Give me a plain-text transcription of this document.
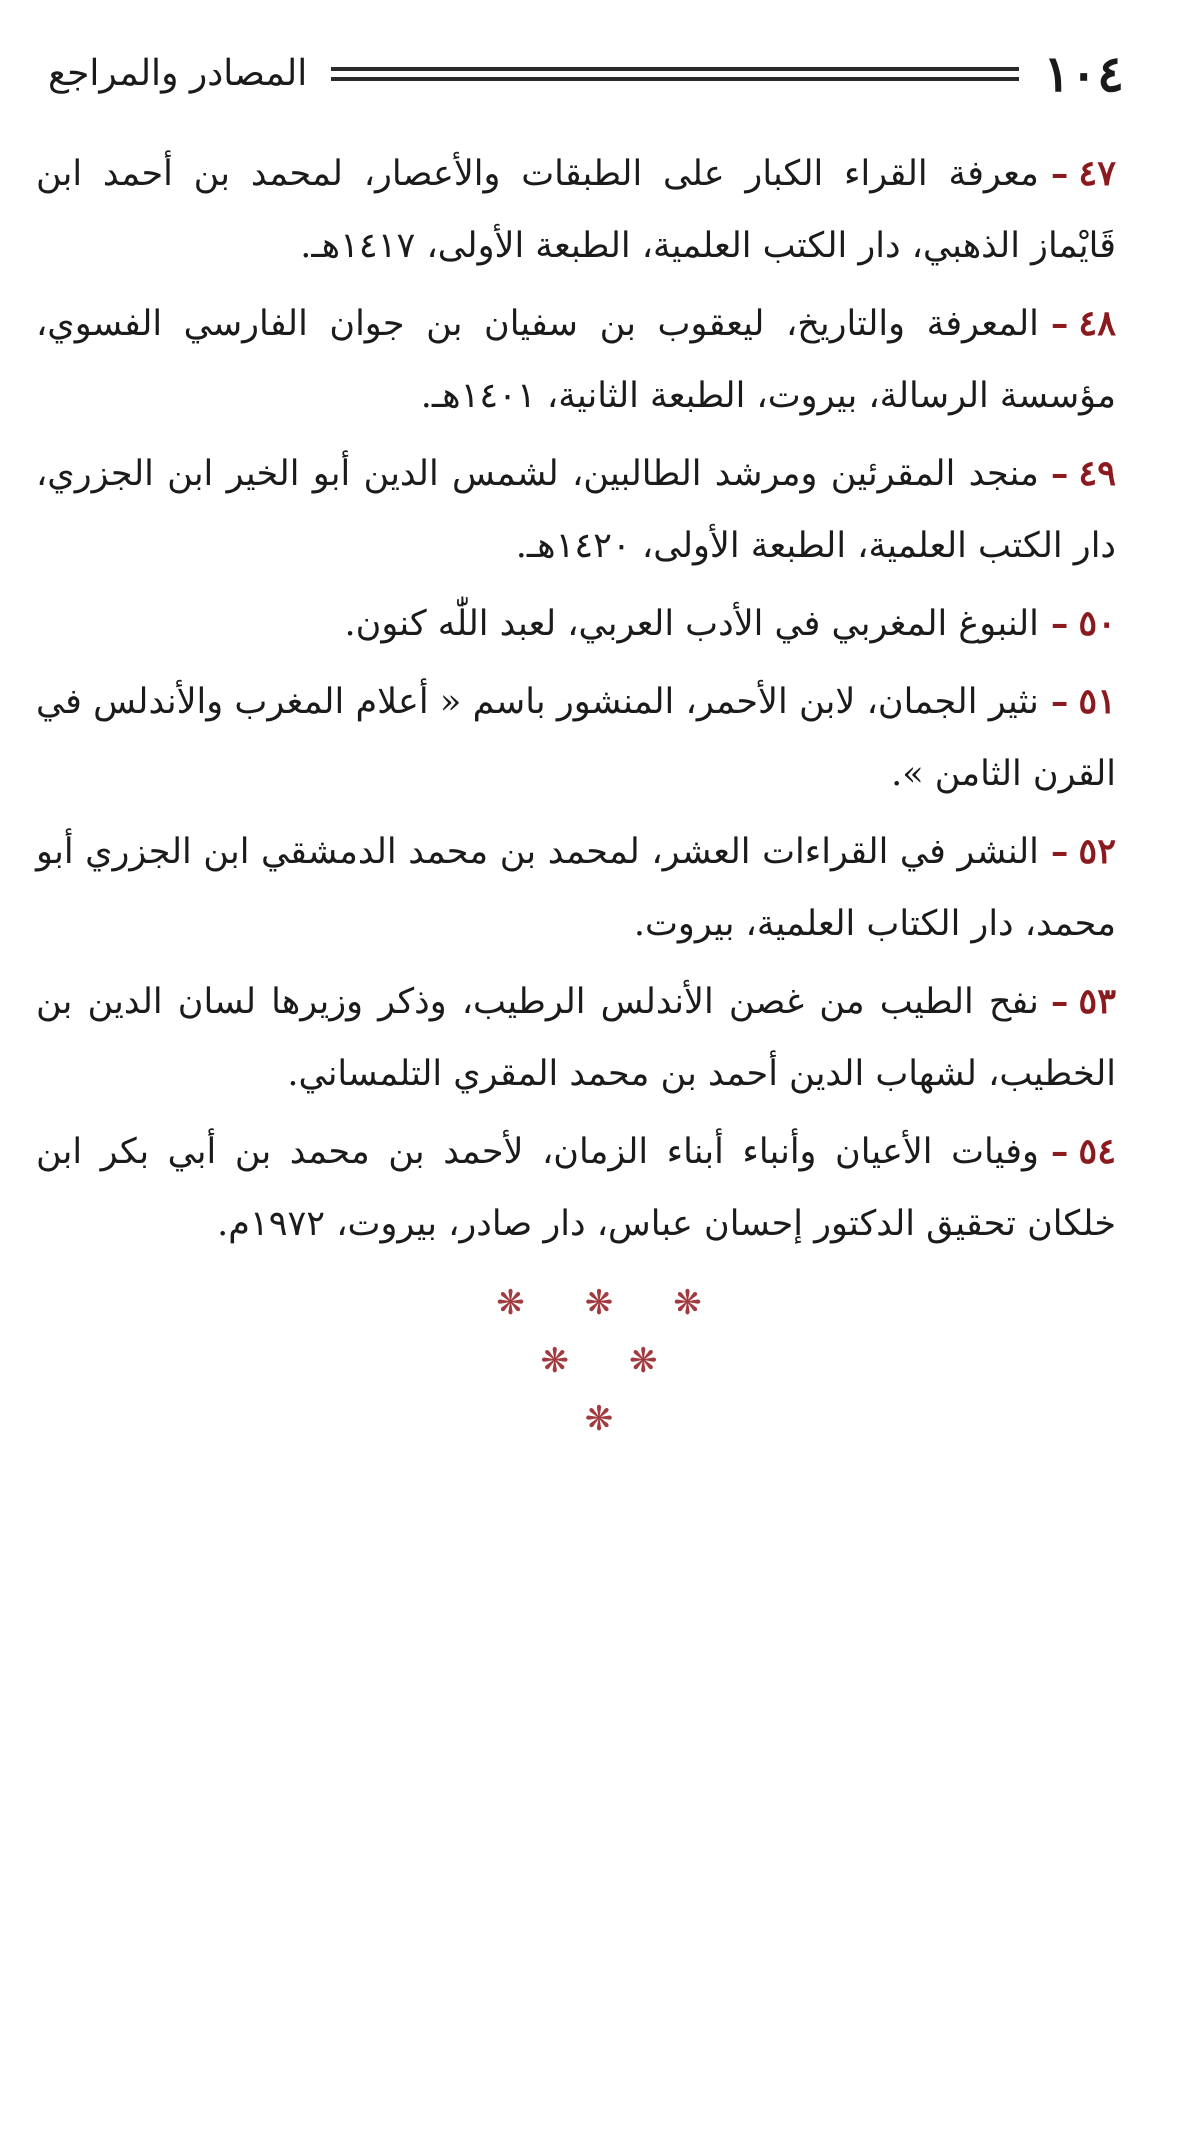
١٠٤
المصادر والمراجع

٤٧–معرفة القراء الكبار على الطبقات والأعصار، لمحمد بن أحمد ابن قَايْماز الذهبي، دار الكتب العلمية، الطبعة الأولى، ١٤١٧هـ.

٤٨–المعرفة والتاريخ، ليعقوب بن سفيان بن جوان الفارسي الفسوي، مؤسسة الرسالة، بيروت، الطبعة الثانية، ١٤٠١هـ.

٤٩–منجد المقرئين ومرشد الطالبين، لشمس الدين أبو الخير ابن الجزري، دار الكتب العلمية، الطبعة الأولى، ١٤٢٠هـ.

٥٠–النبوغ المغربي في الأدب العربي، لعبد اللّٰه كنون.

٥١–نثير الجمان، لابن الأحمر، المنشور باسم « أعلام المغرب والأندلس في القرن الثامن ».

٥٢–النشر في القراءات العشر، لمحمد بن محمد الدمشقي ابن الجزري أبو محمد، دار الكتاب العلمية، بيروت.

٥٣–نفح الطيب من غصن الأندلس الرطيب، وذكر وزيرها لسان الدين بن الخطيب، لشهاب الدين أحمد بن محمد المقري التلمساني.

٥٤–وفيات الأعيان وأنباء أبناء الزمان، لأحمد بن محمد بن أبي بكر ابن خلكان تحقيق الدكتور إحسان عباس، دار صادر، بيروت، ١٩٧٢م.

❋ ❋ ❋
❋ ❋
❋
